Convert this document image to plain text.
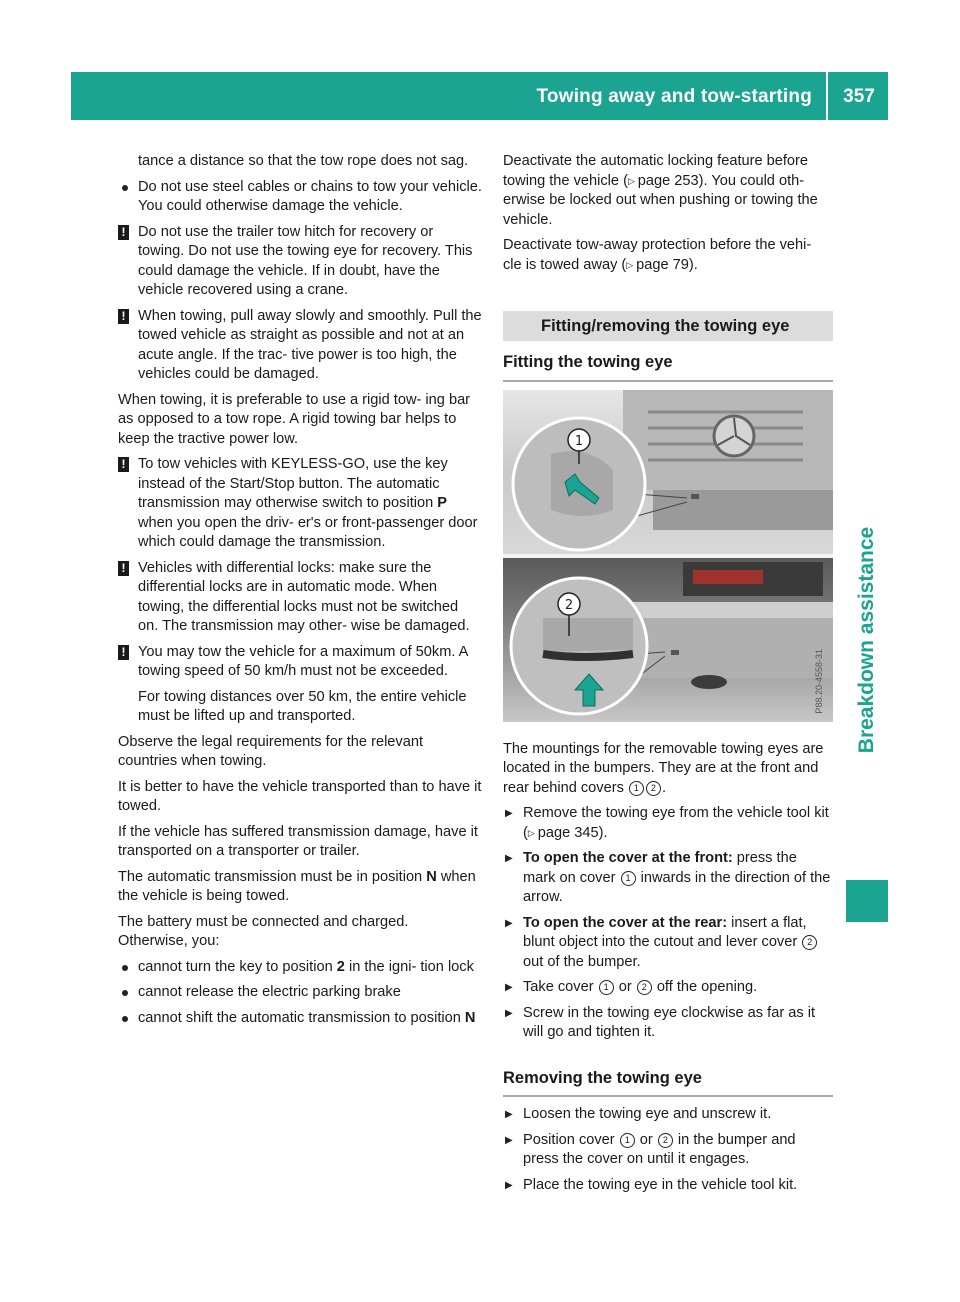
Towing away and tow-starting	357
Breakdown assistance

tance a distance so that the tow rope does not sag.

Do not use steel cables or chains to tow your vehicle. You could otherwise damage the vehicle.
! Do not use the trailer tow hitch for recovery or towing. Do not use the towing eye for recovery. This could damage the vehicle. If in doubt, have the vehicle recovered using a crane.
! When towing, pull away slowly and smoothly. Pull the towed vehicle as straight as possible and not at an acute angle. If the trac- tive power is too high, the vehicles could be damaged.

When towing, it is preferable to use a rigid tow- ing bar as opposed to a tow rope. A rigid towing bar helps to keep the tractive power low.

! To tow vehicles with KEYLESS-GO, use the key instead of the Start/Stop button. The automatic transmission may otherwise switch to position P when you open the driv- er's or front-passenger door which could damage the transmission.
! Vehicles with differential locks: make sure the differential locks are in automatic mode. When towing, the differential locks must not be switched on. The transmission may other- wise be damaged.
! You may tow the vehicle for a maximum of 50km. A towing speed of 50 km/h must not be exceeded.

For towing distances over 50 km, the entire vehicle must be lifted up and transported.

Observe the legal requirements for the relevant countries when towing.

It is better to have the vehicle transported than to have it towed.

If the vehicle has suffered transmission damage, have it transported on a transporter or trailer.

The automatic transmission must be in position N when the vehicle is being towed.

The battery must be connected and charged. Otherwise, you:

cannot turn the key to position 2 in the igni- tion lock
cannot release the electric parking brake
cannot shift the automatic transmission to position N

Deactivate the automatic locking feature before towing the vehicle (▷  page 253). You could oth- erwise be locked out when pushing or towing the vehicle.

Deactivate tow-away protection before the vehi- cle is towed away (▷  page 79).

Fitting/removing the towing eye
Fitting the towing eye
1
2
P88.20-4558-31

The mountings for the removable towing eyes are located in the bumpers. They are at the front and rear behind covers 1 2 .

▶ Remove the towing eye from the vehicle tool kit (▷  page 345).
▶ To open the cover at the front: press the mark on cover 1 inwards in the direction of the arrow.
▶ To open the cover at the rear: insert a flat, blunt object into the cutout and lever cover 2 out of the bumper.
▶ Take cover 1 or 2 off the opening.
▶ Screw in the towing eye clockwise as far as it will go and tighten it.
Removing the towing eye
▶ Loosen the towing eye and unscrew it.
▶ Position cover 1 or 2 in the bumper and press the cover on until it engages.
▶ Place the towing eye in the vehicle tool kit.
